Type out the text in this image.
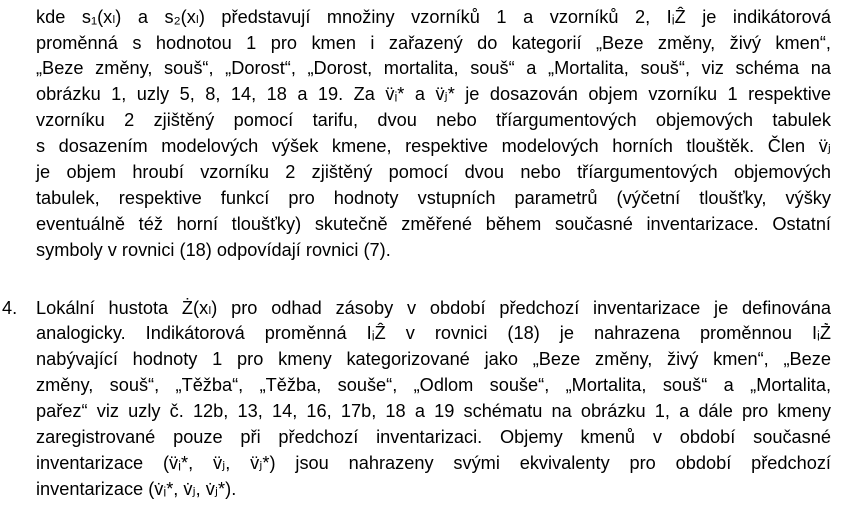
kde s₁(xₗ) a s₂(xₗ) představují množiny vzorníků 1 a vzorníků 2, IᵢẐ je indikátorová
proměnná s hodnotou 1 pro kmen i zařazený do kategorií „Beze změny, živý kmen“,
„Beze změny, souš“, „Dorost“, „Dorost, mortalita, souš“ a „Mortalita, souš“, viz schéma na
obrázku 1, uzly 5, 8, 14, 18 a 19. Za v̈ᵢ* a v̈ⱼ* je dosazován objem vzorníku 1 respektive
vzorníku 2 zjištěný pomocí tarifu, dvou nebo tříargumentových objemových tabulek
s dosazením modelových výšek kmene, respektive modelových horních tlouštěk. Člen v̈ⱼ
je objem hroubí vzorníku 2 zjištěný pomocí dvou nebo tříargumentových objemových
tabulek, respektive funkcí pro hodnoty vstupních parametrů (výčetní tloušťky, výšky
eventuálně též horní tloušťky) skutečně změřené během současné inventarizace. Ostatní
symboly v rovnici (18) odpovídají rovnici (7).
4.	Lokální hustota Ż(xₗ) pro odhad zásoby v období předchozí inventarizace je definována
analogicky. Indikátorová proměnná IᵢẐ v rovnici (18) je nahrazena proměnnou IᵢŻ̇
nabývající hodnoty 1 pro kmeny kategorizované jako „Beze změny, živý kmen“, „Beze
změny, souš“, „Těžba“, „Těžba, souše“, „Odlom souše“, „Mortalita, souš“ a „Mortalita,
pařez“ viz uzly č. 12b, 13, 14, 16, 17b, 18 a 19 schématu na obrázku 1, a dále pro kmeny
zaregistrované pouze při předchozí inventarizaci. Objemy kmenů v období současné
inventarizace (v̈ᵢ*, v̈ⱼ, v̈ⱼ*) jsou nahrazeny svými ekvivalenty pro období předchozí
inventarizace (v̇ᵢ*, v̇ⱼ, v̇ⱼ*).
